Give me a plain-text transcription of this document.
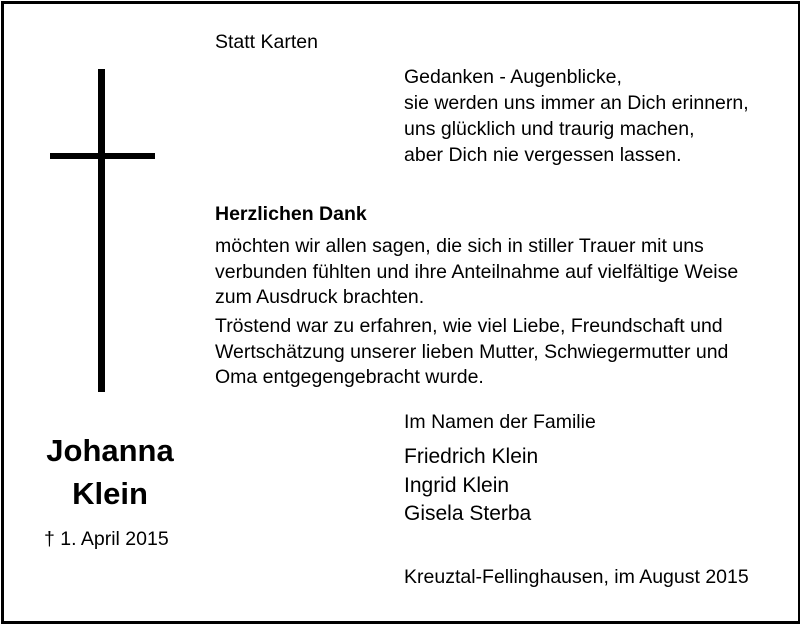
Statt Karten
Gedanken - Augenblicke,
sie werden uns immer an Dich erinnern,
uns glücklich und traurig machen,
aber Dich nie vergessen lassen.
Herzlichen Dank
möchten wir allen sagen, die sich in stiller Trauer mit uns
verbunden fühlten und ihre Anteilnahme auf vielfältige Weise
zum Ausdruck brachten.
Tröstend war zu erfahren, wie viel Liebe, Freundschaft und
Wertschätzung unserer lieben Mutter, Schwiegermutter und
Oma entgegengebracht wurde.
Im Namen der Familie
Friedrich Klein
Ingrid Klein
Gisela Sterba
Johanna
Klein
† 1. April 2015
Kreuztal-Fellinghausen, im August 2015
